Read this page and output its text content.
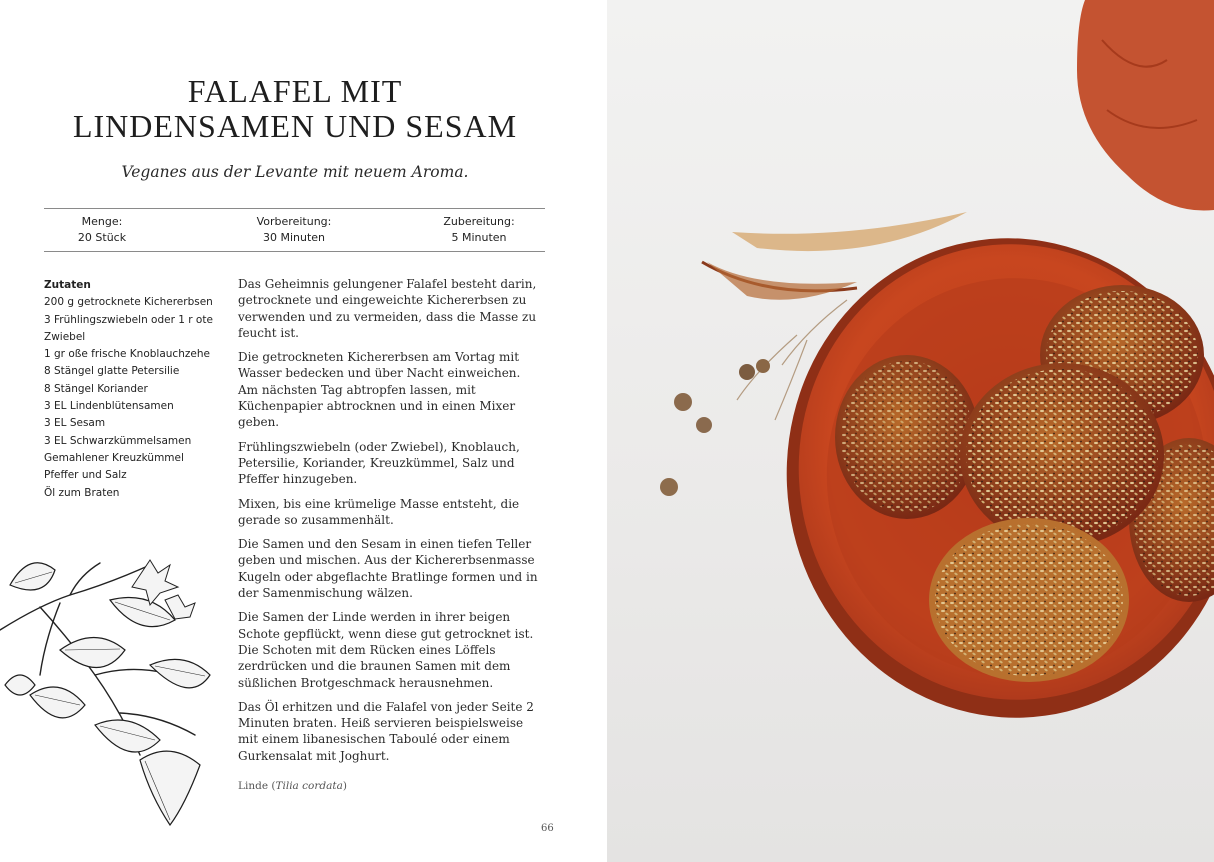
FALAFEL MIT
LINDENSAMEN UND SESAM
Veganes aus der Levante mit neuem Aroma.
Menge:
20 Stück
Vorbereitung:
30 Minuten
Zubereitung:
5 Minuten
Zutaten
200 g getrocknete Kichererbsen
3 Frühlingszwiebeln oder 1 r ote
Zwiebel
1 gr oße frische Knoblauchzehe
8 Stängel glatte Petersilie
8 Stängel Koriander
3 EL Lindenblütensamen
3 EL Sesam
3 EL Schwarzkümmelsamen
Gemahlener Kreuzkümmel
Pfeffer und Salz
Öl zum Braten

Das Geheimnis gelungener Falafel besteht darin, getrocknete und eingeweichte Kichererbsen zu verwenden und zu vermeiden, dass die Masse zu feucht ist.

Die getrockneten Kichererbsen am Vortag mit Wasser bedecken und über Nacht einweichen. Am nächsten Tag abtropfen lassen, mit Küchenpapier abtrocknen und in einen Mixer geben.

Frühlingszwiebeln (oder Zwiebel), Knoblauch, Petersilie, Koriander, Kreuzkümmel, Salz und Pfeffer hinzugeben.

Mixen, bis eine krümelige Masse entsteht, die gerade so zusammenhält.

Die Samen und den Sesam in einen tiefen Teller geben und mischen. Aus der Kichererbsenmasse Kugeln oder abgeflachte Bratlinge formen und in der Samenmischung wälzen.

Die Samen der Linde werden in ihrer beigen Schote gepflückt, wenn diese gut getrocknet ist. Die Schoten mit dem Rücken eines Löffels zerdrücken und die braunen Samen mit dem süßlichen Brotgeschmack herausnehmen.

Das Öl erhitzen und die Falafel von jeder Seite 2 Minuten braten. Heiß servieren beispielsweise mit einem libanesischen Taboulé oder einem Gurkensalat mit Joghurt.

Linde (Tilia cordata)
66
